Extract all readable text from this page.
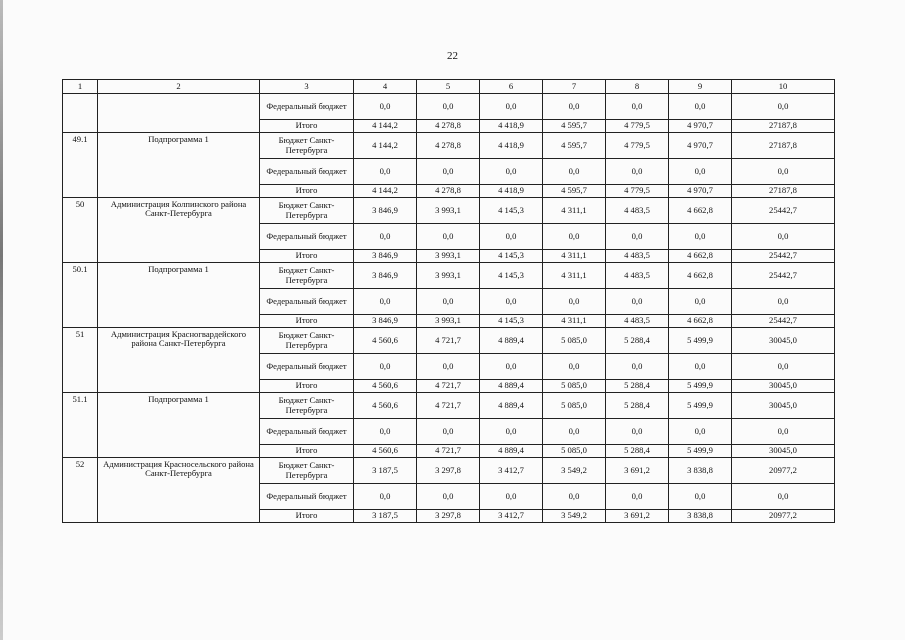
22
1	2	3	4	5	6	7	8	9	10
		Федеральный бюджет	0,0	0,0	0,0	0,0	0,0	0,0	0,0
		Итого	4 144,2	4 278,8	4 418,9	4 595,7	4 779,5	4 970,7	27187,8
49.1	Подпрограмма 1	Бюджет Санкт-Петербурга	4 144,2	4 278,8	4 418,9	4 595,7	4 779,5	4 970,7	27187,8
		Федеральный бюджет	0,0	0,0	0,0	0,0	0,0	0,0	0,0
		Итого	4 144,2	4 278,8	4 418,9	4 595,7	4 779,5	4 970,7	27187,8
50	Администрация Колпинского района Санкт-Петербурга	Бюджет Санкт-Петербурга	3 846,9	3 993,1	4 145,3	4 311,1	4 483,5	4 662,8	25442,7
		Федеральный бюджет	0,0	0,0	0,0	0,0	0,0	0,0	0,0
		Итого	3 846,9	3 993,1	4 145,3	4 311,1	4 483,5	4 662,8	25442,7
50.1	Подпрограмма 1	Бюджет Санкт-Петербурга	3 846,9	3 993,1	4 145,3	4 311,1	4 483,5	4 662,8	25442,7
		Федеральный бюджет	0,0	0,0	0,0	0,0	0,0	0,0	0,0
		Итого	3 846,9	3 993,1	4 145,3	4 311,1	4 483,5	4 662,8	25442,7
51	Администрация Красногвардейского района Санкт-Петербурга	Бюджет Санкт-Петербурга	4 560,6	4 721,7	4 889,4	5 085,0	5 288,4	5 499,9	30045,0
		Федеральный бюджет	0,0	0,0	0,0	0,0	0,0	0,0	0,0
		Итого	4 560,6	4 721,7	4 889,4	5 085,0	5 288,4	5 499,9	30045,0
51.1	Подпрограмма 1	Бюджет Санкт-Петербурга	4 560,6	4 721,7	4 889,4	5 085,0	5 288,4	5 499,9	30045,0
		Федеральный бюджет	0,0	0,0	0,0	0,0	0,0	0,0	0,0
		Итого	4 560,6	4 721,7	4 889,4	5 085,0	5 288,4	5 499,9	30045,0
52	Администрация Красносельского района Санкт-Петербурга	Бюджет Санкт-Петербурга	3 187,5	3 297,8	3 412,7	3 549,2	3 691,2	3 838,8	20977,2
		Федеральный бюджет	0,0	0,0	0,0	0,0	0,0	0,0	0,0
		Итого	3 187,5	3 297,8	3 412,7	3 549,2	3 691,2	3 838,8	20977,2
